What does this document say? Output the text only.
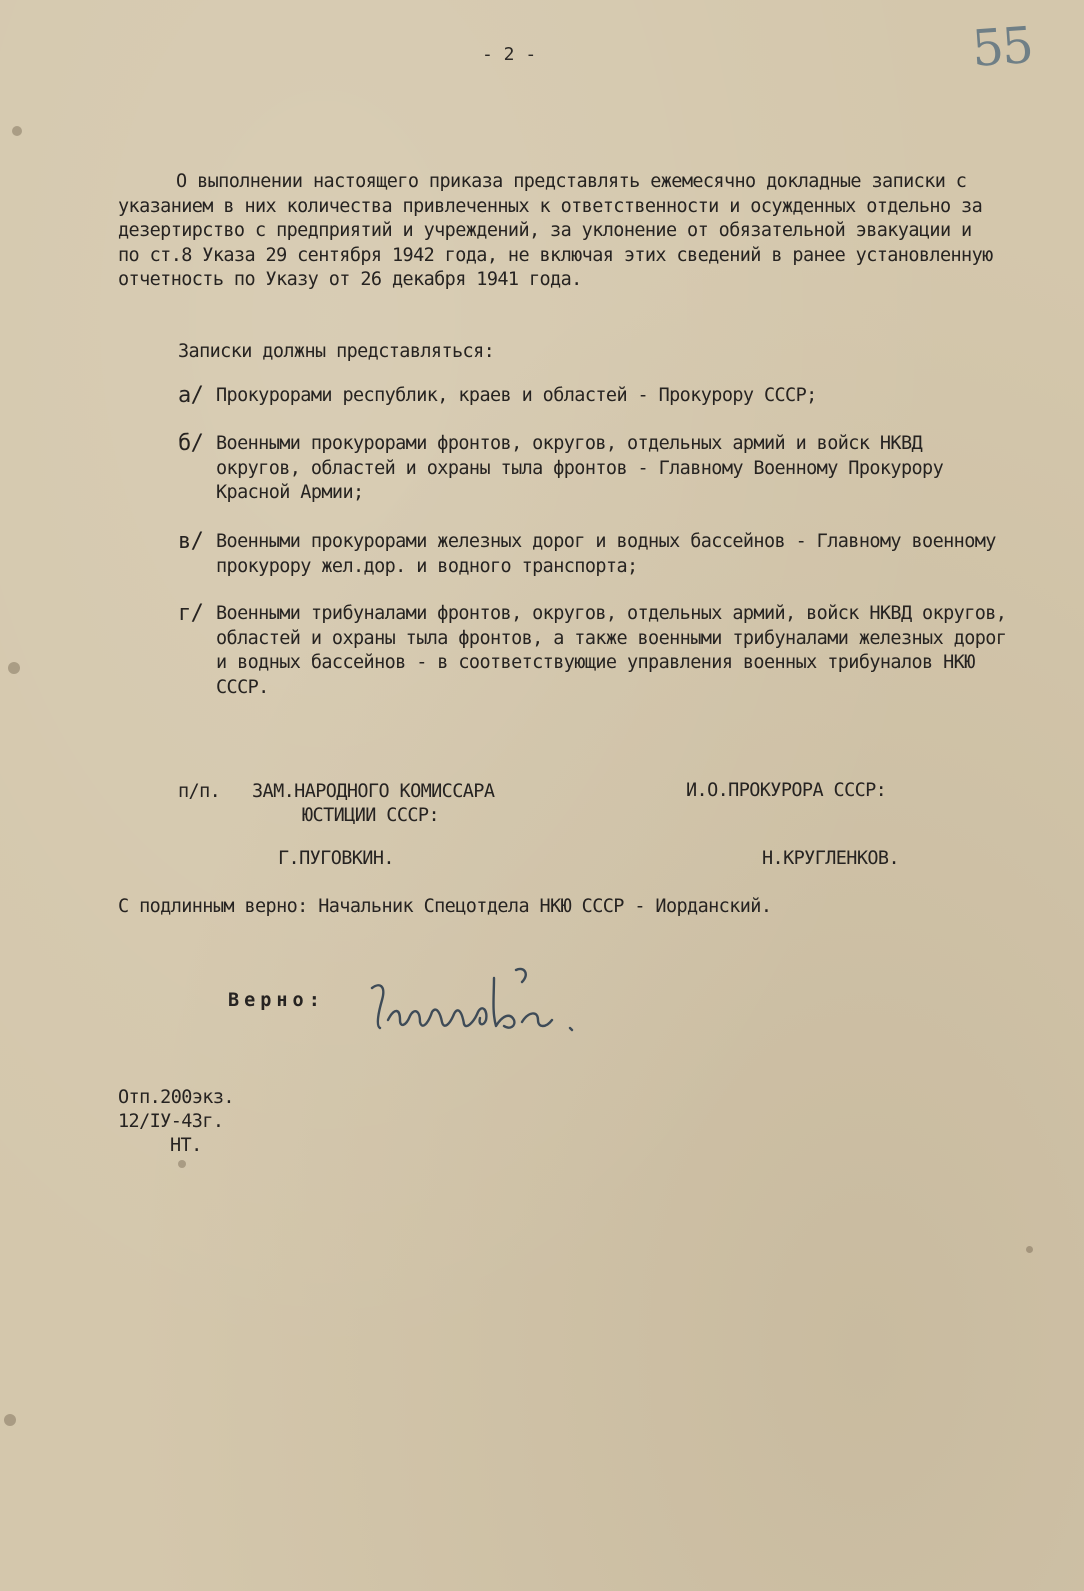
55
- 2 -

О выполнении настоящего приказа представлять ежемесячно докладные записки с указанием в них количества привлеченных к ответственности и осужденных отдельно за дезертирство с предприятий и учреждений, за уклонение от обязательной эвакуации и по ст.8 Указа 29 сентября 1942 года, не включая этих сведений в ранее установленную отчетность по Указу от 26 декабря 1941 года.

Записки должны представляться:

а/ Прокурорами республик, краев и областей - Прокурору СССР;
б/ Военными прокурорами фронтов, округов, отдельных армий и войск НКВД округов, областей и охраны тыла фронтов - Главному Военному Прокурору Красной Армии;
в/ Военными прокурорами железных дорог и водных бассейнов - Главному военному прокурору жел.дор. и водного транспорта;
г/ Военными трибуналами фронтов, округов, отдельных армий, войск НКВД округов, областей и охраны тыла фронтов, а также военными трибуналами железных дорог и водных бассейнов - в соответствующие управления военных трибуналов НКЮ СССР.
п/п. ЗАМ.НАРОДНОГО КОМИССАРА
ЮСТИЦИИ СССР:
И.О.ПРОКУРОРА СССР:
Г.ПУГОВКИН.	Н.КРУГЛЕНКОВ.
С подлинным верно: Начальник Спецотдела НКЮ СССР - Иорданский.
Верно:
Отп.200экз.
12/IУ-43г.
НТ.
